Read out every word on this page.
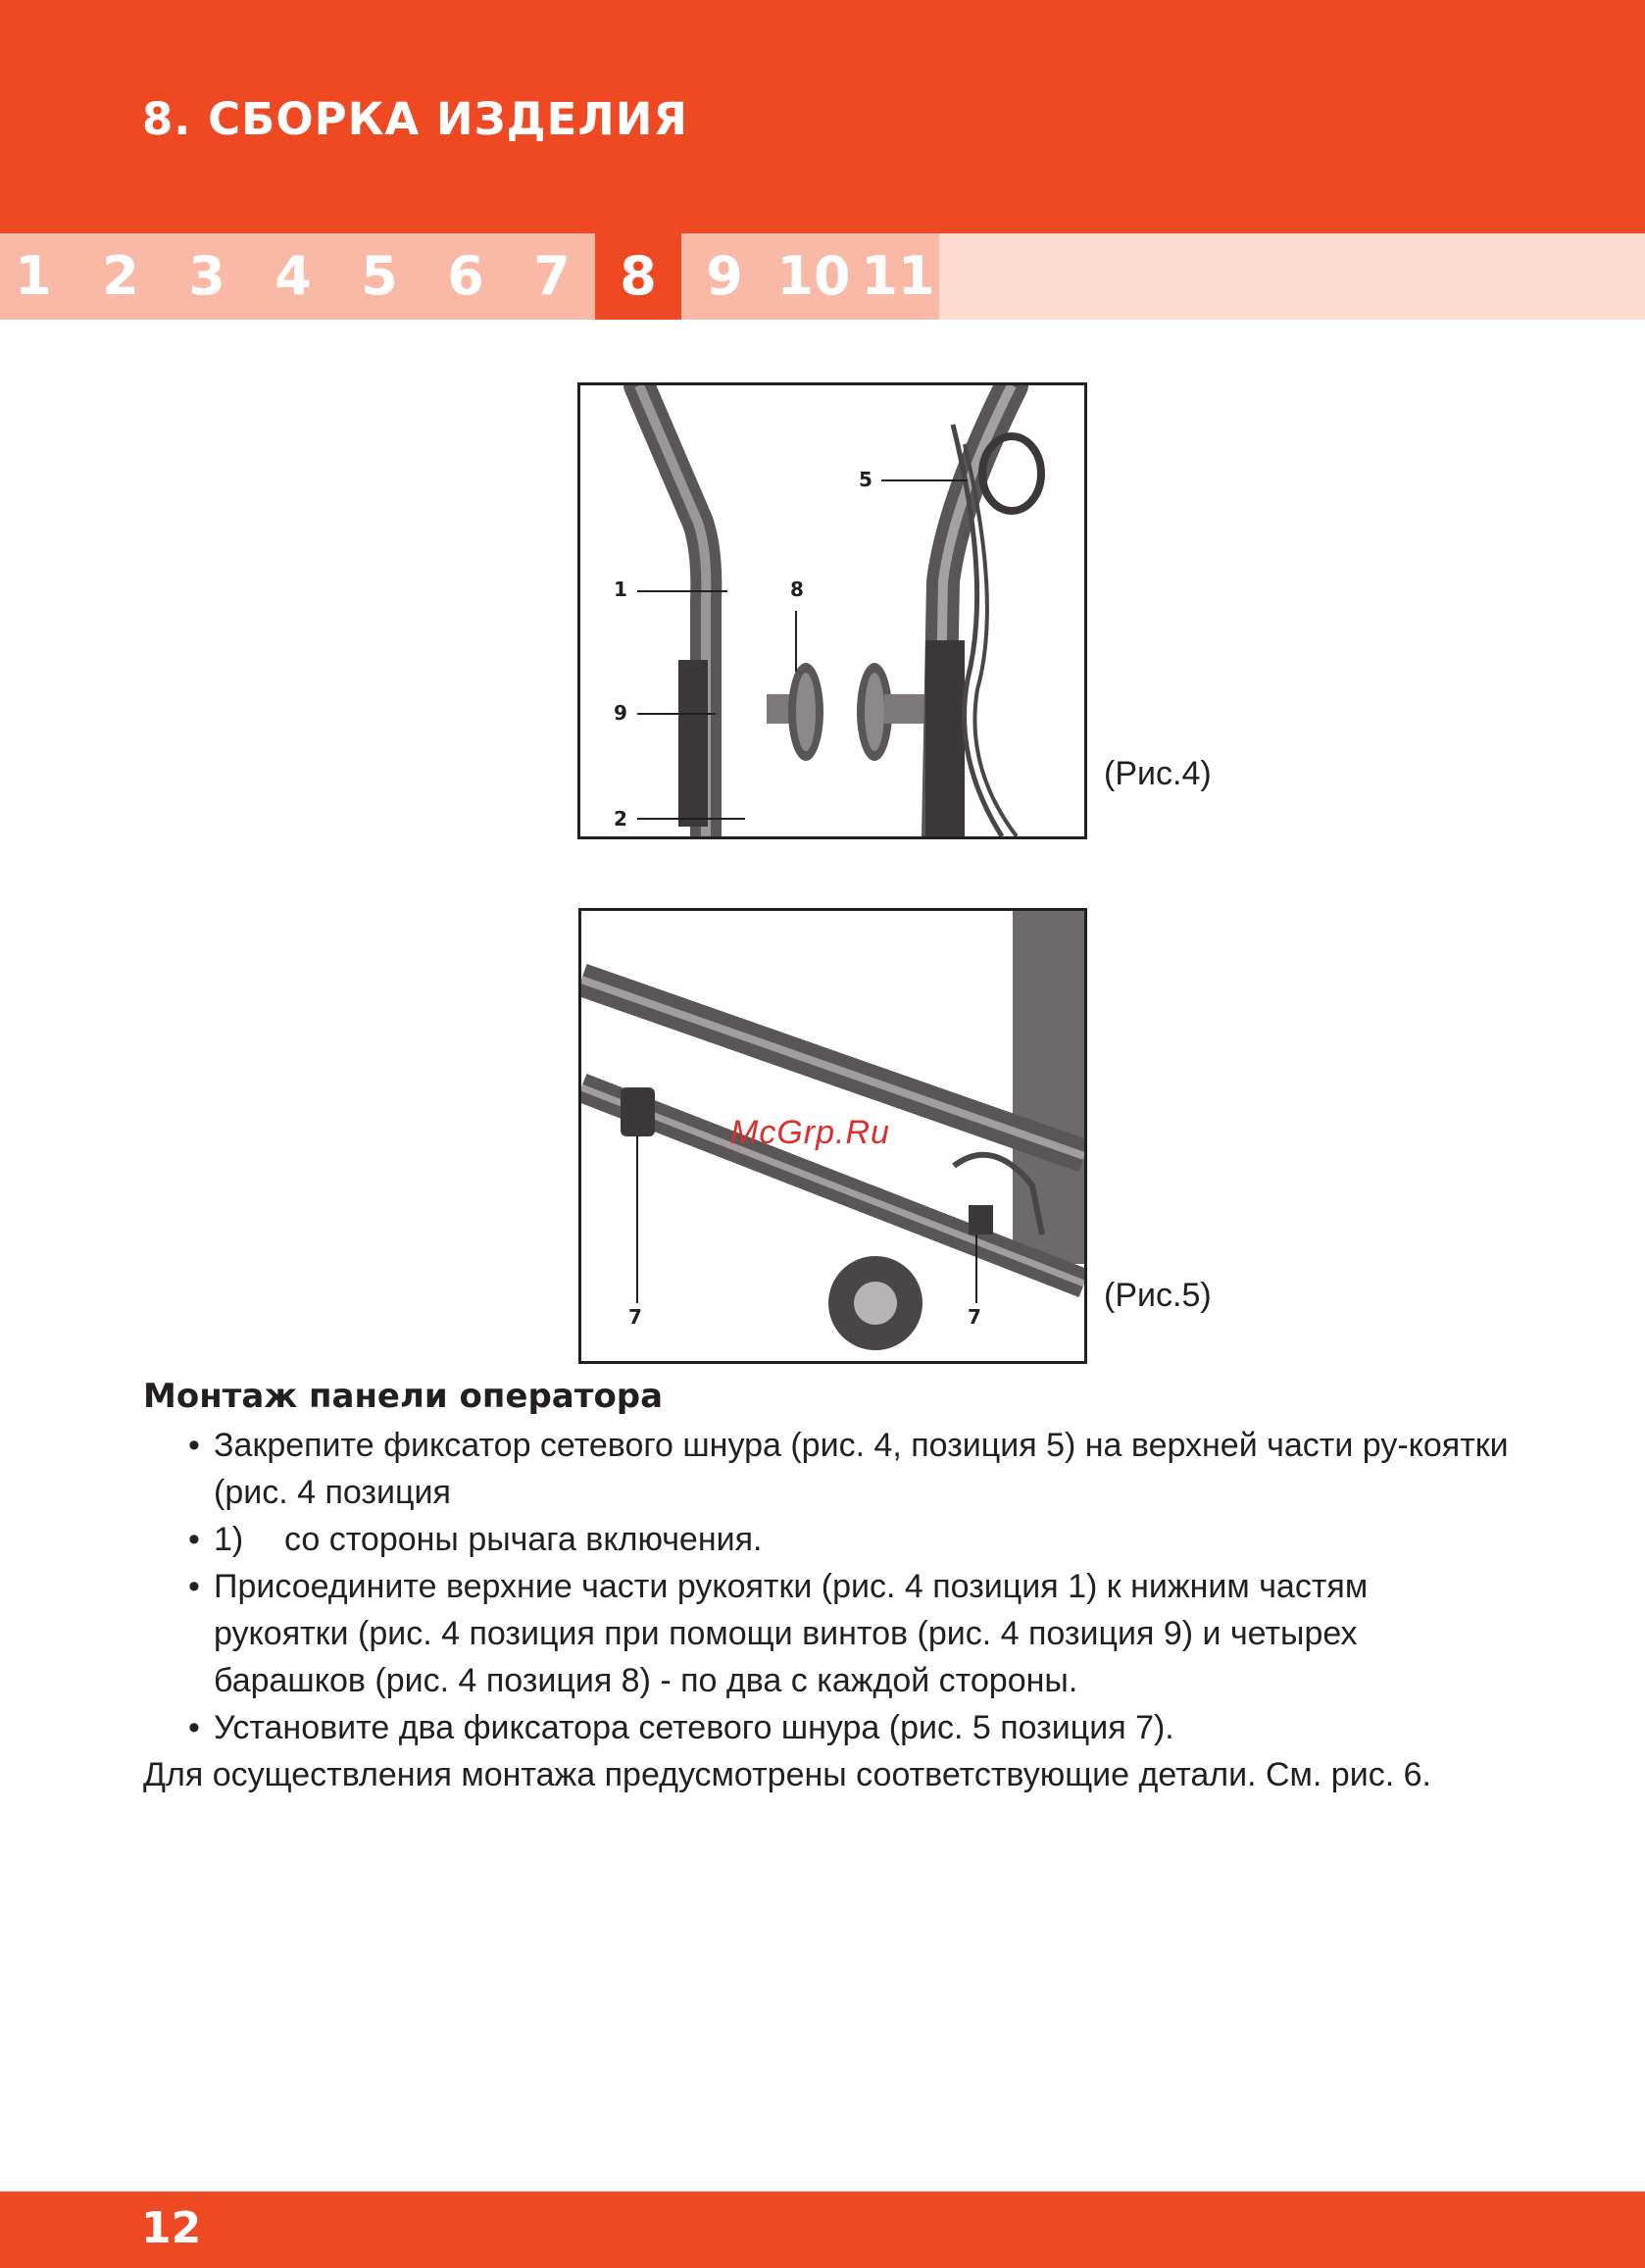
8. СБОРКА ИЗДЕЛИЯ
1 2 3 4 5 6 7 8 9 10 11
1	8
9
2
5
(Рис.4)
7	7
(Рис.5)
McGrp.Ru
Монтаж панели оператора
• Закрепите фиксатор сетевого шнура (рис. 4, позиция 5) на верхней части ру-коятки (рис. 4 позиция
• 1) со стороны рычага включения.
• Присоедините верхние части рукоятки (рис. 4 позиция 1) к нижним частям рукоятки (рис. 4 позиция при помощи винтов (рис. 4 позиция 9) и четырех барашков (рис. 4 позиция 8) - по два с каждой стороны.
• Установите два фиксатора сетевого шнура (рис. 5 позиция 7).

Для осуществления монтажа предусмотрены соответствующие детали. См. рис. 6.

12
